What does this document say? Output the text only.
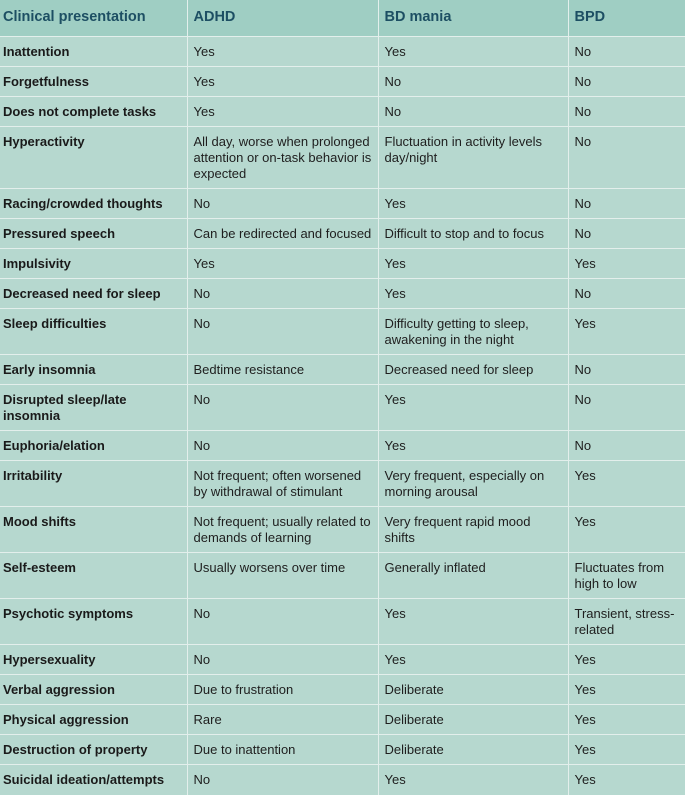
Clinical presentation	ADHD	BD mania	BPD
Inattention	Yes	Yes	No
Forgetfulness	Yes	No	No
Does not complete tasks	Yes	No	No
Hyperactivity	All day, worse when prolonged attention or on-task behavior is expected	Fluctuation in activity levels day/night	No
Racing/crowded thoughts	No	Yes	No
Pressured speech	Can be redirected and focused	Difficult to stop and to focus	No
Impulsivity	Yes	Yes	Yes
Decreased need for sleep	No	Yes	No
Sleep difficulties	No	Difficulty getting to sleep, awakening in the night	Yes
Early insomnia	Bedtime resistance	Decreased need for sleep	No
Disrupted sleep/late insomnia	No	Yes	No
Euphoria/elation	No	Yes	No
Irritability	Not frequent; often worsened by withdrawal of stimulant	Very frequent, especially on morning arousal	Yes
Mood shifts	Not frequent; usually related to demands of learning	Very frequent rapid mood shifts	Yes
Self-esteem	Usually worsens over time	Generally inflated	Fluctuates from high to low
Psychotic symptoms	No	Yes	Transient, stress-related
Hypersexuality	No	Yes	Yes
Verbal aggression	Due to frustration	Deliberate	Yes
Physical aggression	Rare	Deliberate	Yes
Destruction of property	Due to inattention	Deliberate	Yes
Suicidal ideation/attempts	No	Yes	Yes
